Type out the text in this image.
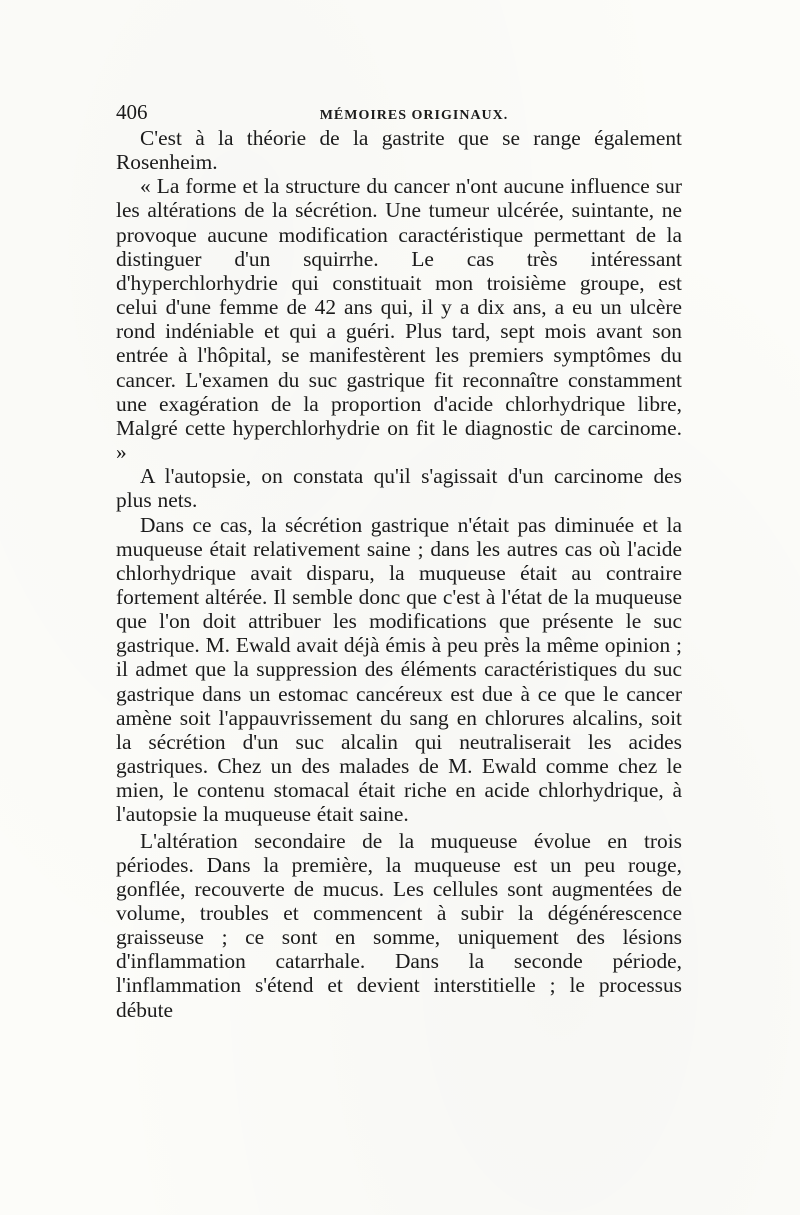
406	MÉMOIRES ORIGINAUX.

C'est à la théorie de la gastrite que se range également Rosenheim.

« La forme et la structure du cancer n'ont aucune influence sur les altérations de la sécrétion. Une tumeur ulcérée, suintante, ne provoque aucune modification caractéristique permettant de la distinguer d'un squirrhe. Le cas très intéressant d'hyperchlorhydrie qui constituait mon troisième groupe, est celui d'une femme de 42 ans qui, il y a dix ans, a eu un ulcère rond indéniable et qui a guéri. Plus tard, sept mois avant son entrée à l'hôpital, se manifestèrent les premiers symptômes du cancer. L'examen du suc gastrique fit reconnaître constamment une exagération de la proportion d'acide chlorhydrique libre, Malgré cette hyperchlorhydrie on fit le diagnostic de carcinome. »

A l'autopsie, on constata qu'il s'agissait d'un carcinome des plus nets.

Dans ce cas, la sécrétion gastrique n'était pas diminuée et la muqueuse était relativement saine ; dans les autres cas où l'acide chlorhydrique avait disparu, la muqueuse était au contraire fortement altérée. Il semble donc que c'est à l'état de la muqueuse que l'on doit attribuer les modifications que présente le suc gastrique. M. Ewald avait déjà émis à peu près la même opinion ; il admet que la suppression des éléments caractéristiques du suc gastrique dans un estomac cancéreux est due à ce que le cancer amène soit l'appauvrissement du sang en chlorures alcalins, soit la sécrétion d'un suc alcalin qui neutraliserait les acides gastriques. Chez un des malades de M. Ewald comme chez le mien, le contenu stomacal était riche en acide chlorhydrique, à l'autopsie la muqueuse était saine.

L'altération secondaire de la muqueuse évolue en trois périodes. Dans la première, la muqueuse est un peu rouge, gonflée, recouverte de mucus. Les cellules sont augmentées de volume, troubles et commencent à subir la dégénérescence graisseuse ; ce sont en somme, uniquement des lésions d'inflammation catarrhale. Dans la seconde période, l'inflammation s'étend et devient interstitielle ; le processus débute
